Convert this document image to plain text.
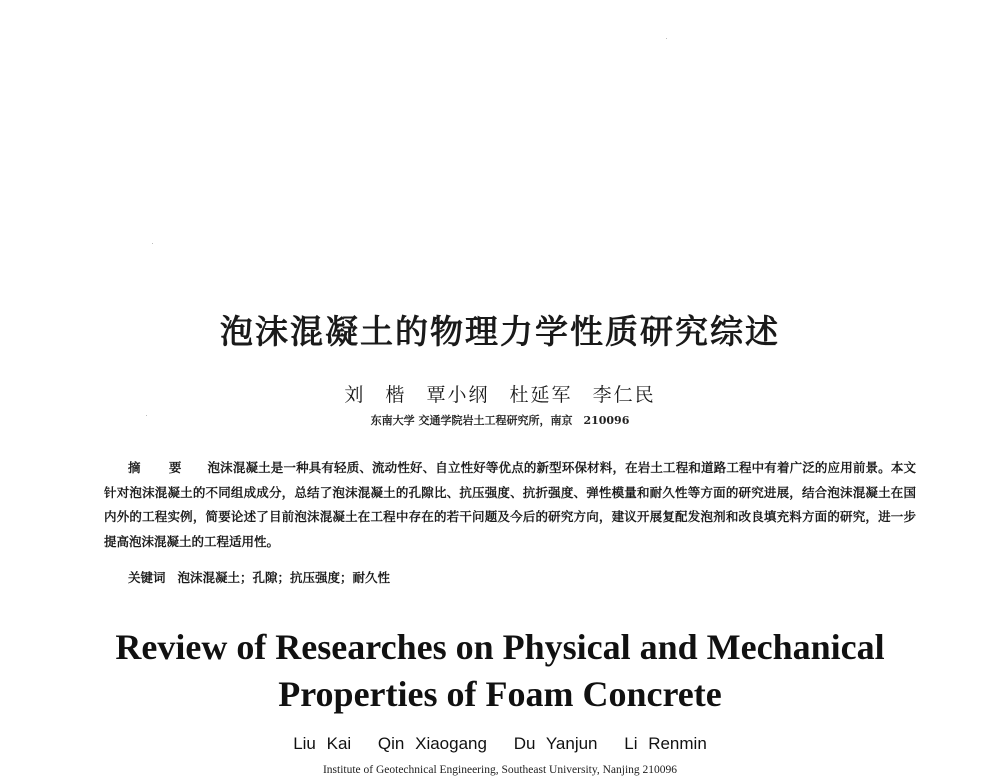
泡沫混凝土的物理力学性质研究综述
刘 楷 覃小纲 杜延军 李仁民
东南大学 交通学院岩土工程研究所，南京　210096
摘 要 泡沫混凝土是一种具有轻质、流动性好、自立性好等优点的新型环保材料，在岩土工程和道路工程中有着广泛的应用前景。本文针对泡沫混凝土的不同组成成分，总结了泡沫混凝土的孔隙比、抗压强度、抗折强度、弹性模量和耐久性等方面的研究进展，结合泡沫混凝土在国内外的工程实例，简要论述了目前泡沫混凝土在工程中存在的若干问题及今后的研究方向，建议开展复配发泡剂和改良填充料方面的研究，进一步提高泡沫混凝土的工程适用性。
关键词 泡沫混凝土；孔隙；抗压强度；耐久性
Review of Researches on Physical and Mechanical
Properties of Foam Concrete
Liu Kai Qin Xiaogang Du Yanjun Li Renmin
Institute of Geotechnical Engineering, Southeast University, Nanjing 210096
